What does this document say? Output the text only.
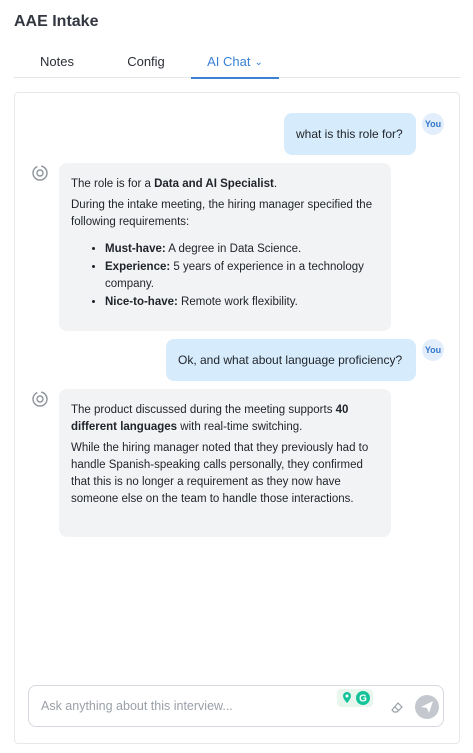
AAE Intake
Notes	Config	AI Chat ⌄
what is this role for?
You

The role is for a Data and AI Specialist.

During the intake meeting, the hiring manager specified the following requirements:

• Must-have: A degree in Data Science.
• Experience: 5 years of experience in a technology company.
• Nice-to-have: Remote work flexibility.
Ok, and what about language proficiency?
You

The product discussed during the meeting supports 40 different languages with real-time switching.

While the hiring manager noted that they previously had to handle Spanish-speaking calls personally, they confirmed that this is no longer a requirement as they now have someone else on the team to handle those interactions.

Ask anything about this interview...
G
